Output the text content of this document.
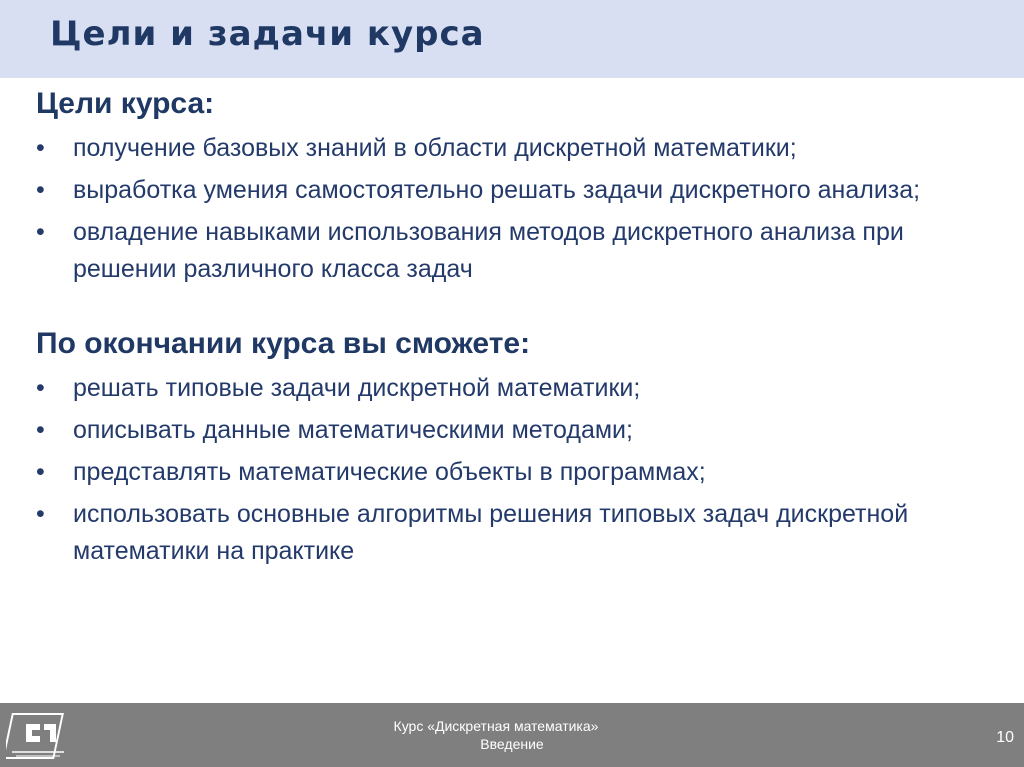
Цели и задачи курса

Цели курса:

• получение базовых знаний в области дискретной математики;
• выработка умения самостоятельно решать задачи дискретного анализа;
• овладение навыками использования методов дискретного анализа при решении различного класса задач

По окончании курса вы сможете:

• решать типовые задачи дискретной математики;
• описывать данные математическими методами;
• представлять математические объекты в программах;
• использовать основные алгоритмы решения типовых задач дискретной математики на практике
Курс «Дискретная математика»
Введение	10
